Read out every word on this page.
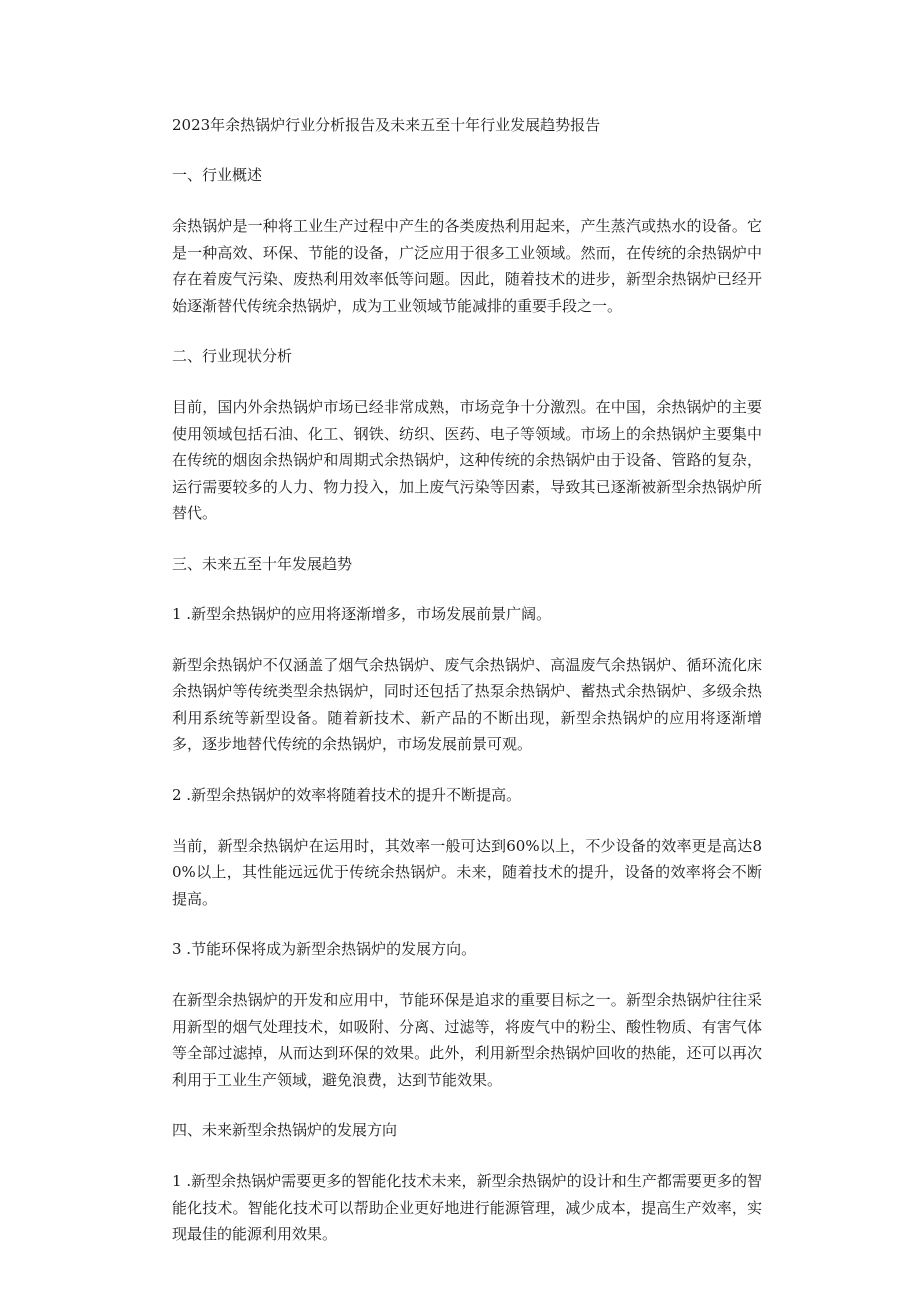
2023年余热锅炉行业分析报告及未来五至十年行业发展趋势报告
一、行业概述
余热锅炉是一种将工业生产过程中产生的各类废热利用起来，产生蒸汽或热水的设备。它是一种高效、环保、节能的设备，广泛应用于很多工业领域。然而，在传统的余热锅炉中存在着废气污染、废热利用效率低等问题。因此，随着技术的进步，新型余热锅炉已经开始逐渐替代传统余热锅炉，成为工业领域节能减排的重要手段之一。
二、行业现状分析
目前，国内外余热锅炉市场已经非常成熟，市场竞争十分激烈。在中国，余热锅炉的主要使用领域包括石油、化工、钢铁、纺织、医药、电子等领域。市场上的余热锅炉主要集中在传统的烟囱余热锅炉和周期式余热锅炉，这种传统的余热锅炉由于设备、管路的复杂，运行需要较多的人力、物力投入，加上废气污染等因素，导致其已逐渐被新型余热锅炉所替代。
三、未来五至十年发展趋势
1 .新型余热锅炉的应用将逐渐增多，市场发展前景广阔。
新型余热锅炉不仅涵盖了烟气余热锅炉、废气余热锅炉、高温废气余热锅炉、循环流化床余热锅炉等传统类型余热锅炉，同时还包括了热泵余热锅炉、蓄热式余热锅炉、多级余热利用系统等新型设备。随着新技术、新产品的不断出现，新型余热锅炉的应用将逐渐增多，逐步地替代传统的余热锅炉，市场发展前景可观。
2 .新型余热锅炉的效率将随着技术的提升不断提高。
当前，新型余热锅炉在运用时，其效率一般可达到60%以上，不少设备的效率更是高达80%以上，其性能远远优于传统余热锅炉。未来，随着技术的提升，设备的效率将会不断提高。
3 .节能环保将成为新型余热锅炉的发展方向。
在新型余热锅炉的开发和应用中，节能环保是追求的重要目标之一。新型余热锅炉往往采用新型的烟气处理技术，如吸附、分离、过滤等，将废气中的粉尘、酸性物质、有害气体等全部过滤掉，从而达到环保的效果。此外，利用新型余热锅炉回收的热能，还可以再次利用于工业生产领域，避免浪费，达到节能效果。
四、未来新型余热锅炉的发展方向
1 .新型余热锅炉需要更多的智能化技术未来，新型余热锅炉的设计和生产都需要更多的智能化技术。智能化技术可以帮助企业更好地进行能源管理，减少成本，提高生产效率，实现最佳的能源利用效果。
